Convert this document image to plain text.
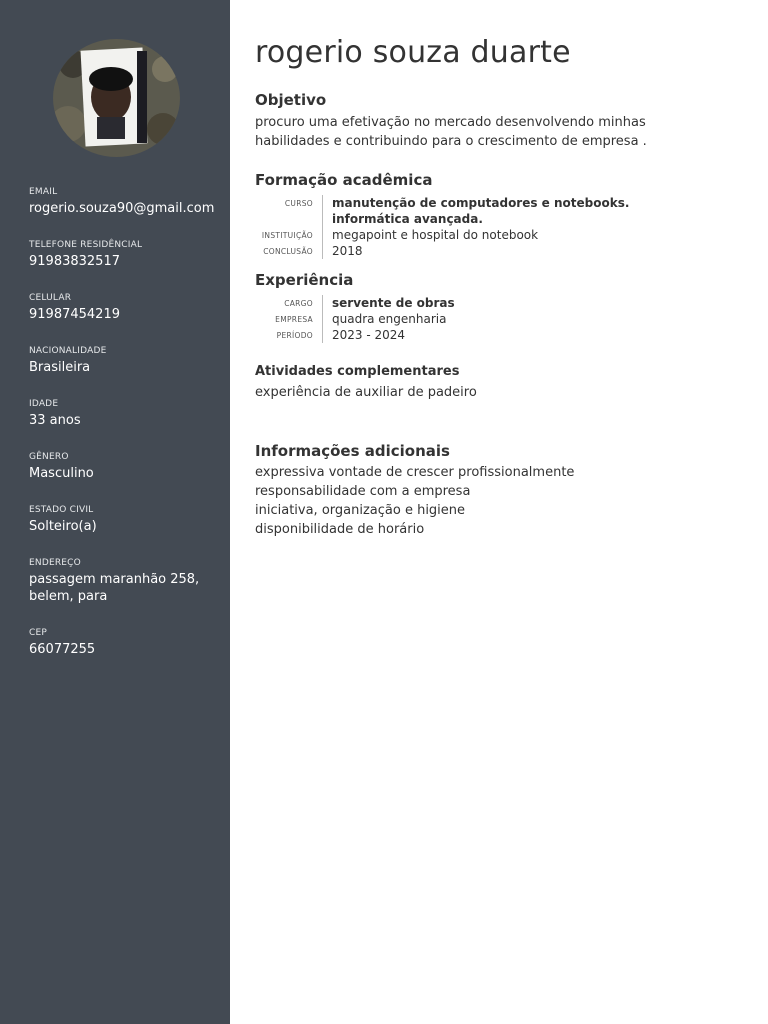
EMAIL
rogerio.souza90@gmail.com
TELEFONE RESIDÊNCIAL
91983832517
CELULAR
91987454219
NACIONALIDADE
Brasileira
IDADE
33 anos
GÊNERO
Masculino
ESTADO CIVIL
Solteiro(a)
ENDEREÇO
passagem maranhão 258, belem, para
CEP
66077255
rogerio souza duarte
Objetivo
procuro uma efetivação no mercado desenvolvendo minhas habilidades e contribuindo para o crescimento de empresa .
Formação acadêmica
CURSO	manutenção de computadores e notebooks. informática avançada.
INSTITUIÇÃO	megapoint e hospital do notebook
CONCLUSÃO	2018
Experiência
CARGO	servente de obras
EMPRESA	quadra engenharia
PERÍODO	2023 - 2024
Atividades complementares
experiência de auxiliar de padeiro
Informações adicionais
expressiva vontade de crescer profissionalmente
responsabilidade com a empresa
iniciativa, organização e higiene
disponibilidade de horário
